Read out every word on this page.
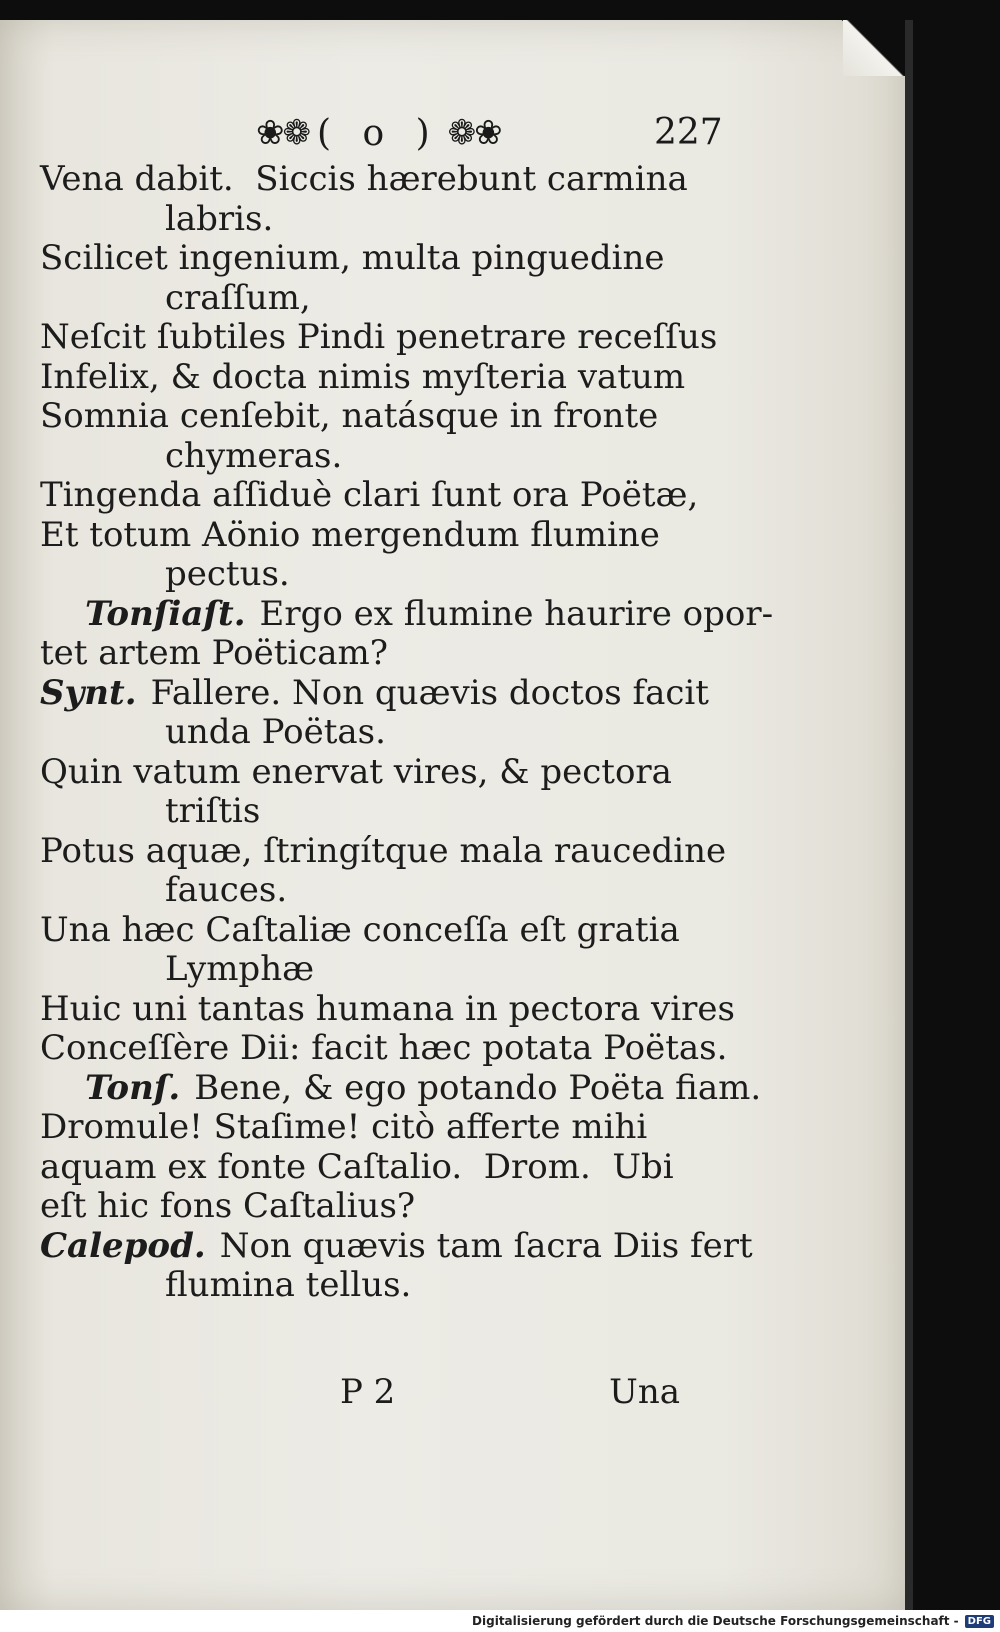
❀❁ ( o ) ❁❀	227
Vena dabit.  Siccis hærebunt carmina
labris.
Scilicet ingenium, multa pinguedine
craſſum,
Neſcit ſubtiles Pindi penetrare receſſus
Infelix, & docta nimis myſteria vatum
Somnia cenſebit, natásque in fronte
chymeras.
Tingenda aſſiduè clari ſunt ora Poëtæ,
Et totum Aönio mergendum flumine
pectus.
Tonſiaſt. Ergo ex flumine haurire opor-
tet artem Poëticam?
Synt. Fallere. Non quævis doctos facit
unda Poëtas.
Quin vatum enervat vires, & pectora
triſtis
Potus aquæ, ſtringítque mala raucedine
fauces.
Una hæc Caſtaliæ conceſſa eſt gratia
Lymphæ
Huic uni tantas humana in pectora vires
Conceſſère Dii: facit hæc potata Poëtas.
Tonſ. Bene, & ego potando Poëta fiam.
Dromule! Staſime! citò afferte mihi
aquam ex fonte Caſtalio.  Drom.  Ubi
eſt hic fons Caſtalius?
Calepod. Non quævis tam ſacra Diis fert
flumina tellus.
P 2	Una
Digitalisierung gefördert durch die Deutsche Forschungsgemeinschaft - DFG
